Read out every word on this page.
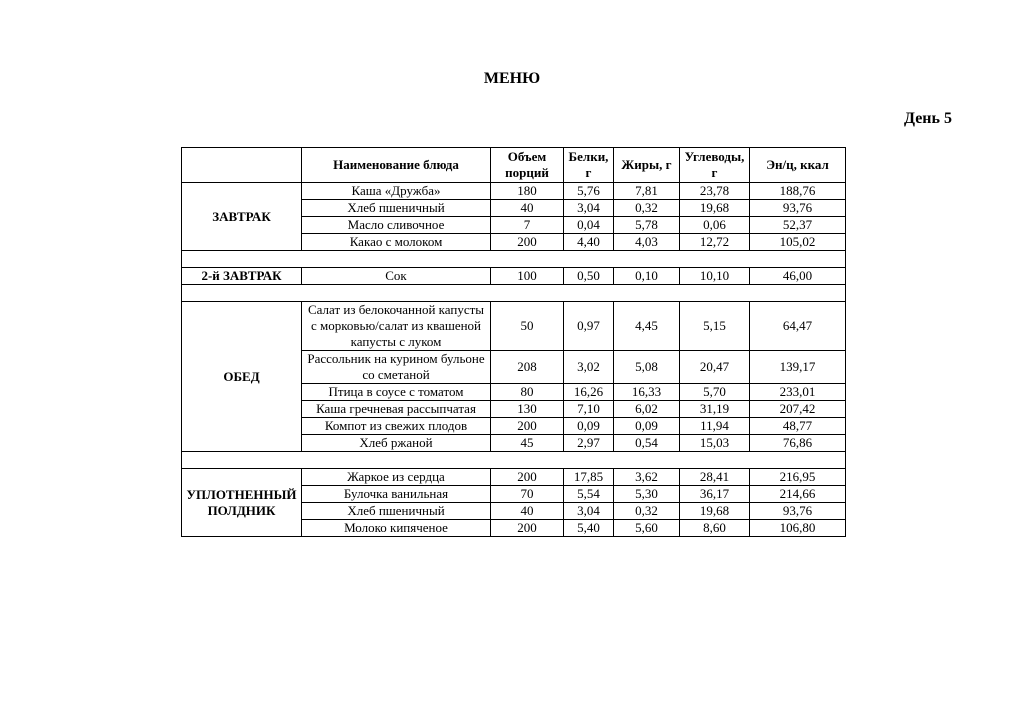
МЕНЮ
День 5
	Наименование блюда	Объем порций	Белки, г	Жиры, г	Углеводы, г	Эн/ц, ккал
ЗАВТРАК	Каша «Дружба»	180	5,76	7,81	23,78	188,76
	Хлеб пшеничный	40	3,04	0,32	19,68	93,76
	Масло сливочное	7	0,04	5,78	0,06	52,37
	Какао с молоком	200	4,40	4,03	12,72	105,02

2-й ЗАВТРАК	Сок	100	0,50	0,10	10,10	46,00

ОБЕД	Салат из белокочанной капусты с морковью/салат из квашеной капусты с луком	50	0,97	4,45	5,15	64,47
	Рассольник на курином бульоне со сметаной	208	3,02	5,08	20,47	139,17
	Птица в соусе с томатом	80	16,26	16,33	5,70	233,01
	Каша гречневая рассыпчатая	130	7,10	6,02	31,19	207,42
	Компот из свежих плодов	200	0,09	0,09	11,94	48,77
	Хлеб ржаной	45	2,97	0,54	15,03	76,86

УПЛОТНЕННЫЙ ПОЛДНИК	Жаркое из сердца	200	17,85	3,62	28,41	216,95
	Булочка ванильная	70	5,54	5,30	36,17	214,66
	Хлеб пшеничный	40	3,04	0,32	19,68	93,76
	Молоко кипяченое	200	5,40	5,60	8,60	106,80
